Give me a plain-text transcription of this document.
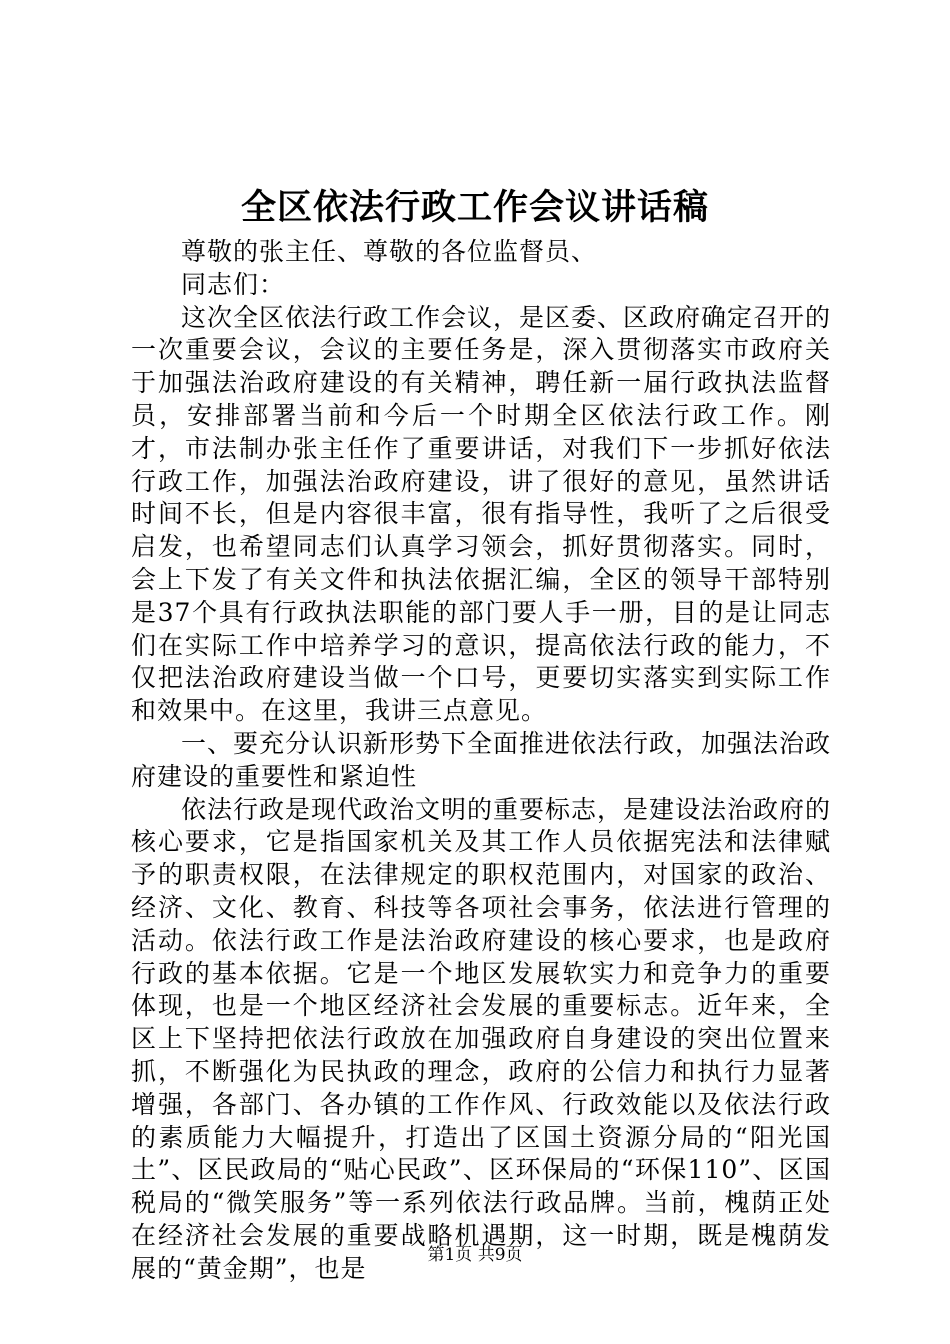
全区依法行政工作会议讲话稿

尊敬的张主任、尊敬的各位监督员、

同志们：

这次全区依法行政工作会议，是区委、区政府确定召开的一次重要会议，会议的主要任务是，深入贯彻落实市政府关于加强法治政府建设的有关精神，聘任新一届行政执法监督员，安排部署当前和今后一个时期全区依法行政工作。刚才，市法制办张主任作了重要讲话，对我们下一步抓好依法行政工作，加强法治政府建设，讲了很好的意见，虽然讲话时间不长，但是内容很丰富，很有指导性，我听了之后很受启发，也希望同志们认真学习领会，抓好贯彻落实。同时，会上下发了有关文件和执法依据汇编，全区的领导干部特别是37个具有行政执法职能的部门要人手一册，目的是让同志们在实际工作中培养学习的意识，提高依法行政的能力，不仅把法治政府建设当做一个口号，更要切实落实到实际工作和效果中。在这里，我讲三点意见。

一、要充分认识新形势下全面推进依法行政，加强法治政府建设的重要性和紧迫性

依法行政是现代政治文明的重要标志，是建设法治政府的核心要求，它是指国家机关及其工作人员依据宪法和法律赋予的职责权限，在法律规定的职权范围内，对国家的政治、经济、文化、教育、科技等各项社会事务，依法进行管理的活动。依法行政工作是法治政府建设的核心要求，也是政府行政的基本依据。它是一个地区发展软实力和竞争力的重要体现，也是一个地区经济社会发展的重要标志。近年来，全区上下坚持把依法行政放在加强政府自身建设的突出位置来抓，不断强化为民执政的理念，政府的公信力和执行力显著增强，各部门、各办镇的工作作风、行政效能以及依法行政的素质能力大幅提升，打造出了区国土资源分局的“阳光国土”、区民政局的“贴心民政”、区环保局的“环保110”、区国税局的“微笑服务”等一系列依法行政品牌。当前，槐荫正处在经济社会发展的重要战略机遇期，这一时期，既是槐荫发展的“黄金期”，也是	第1页 共9页
